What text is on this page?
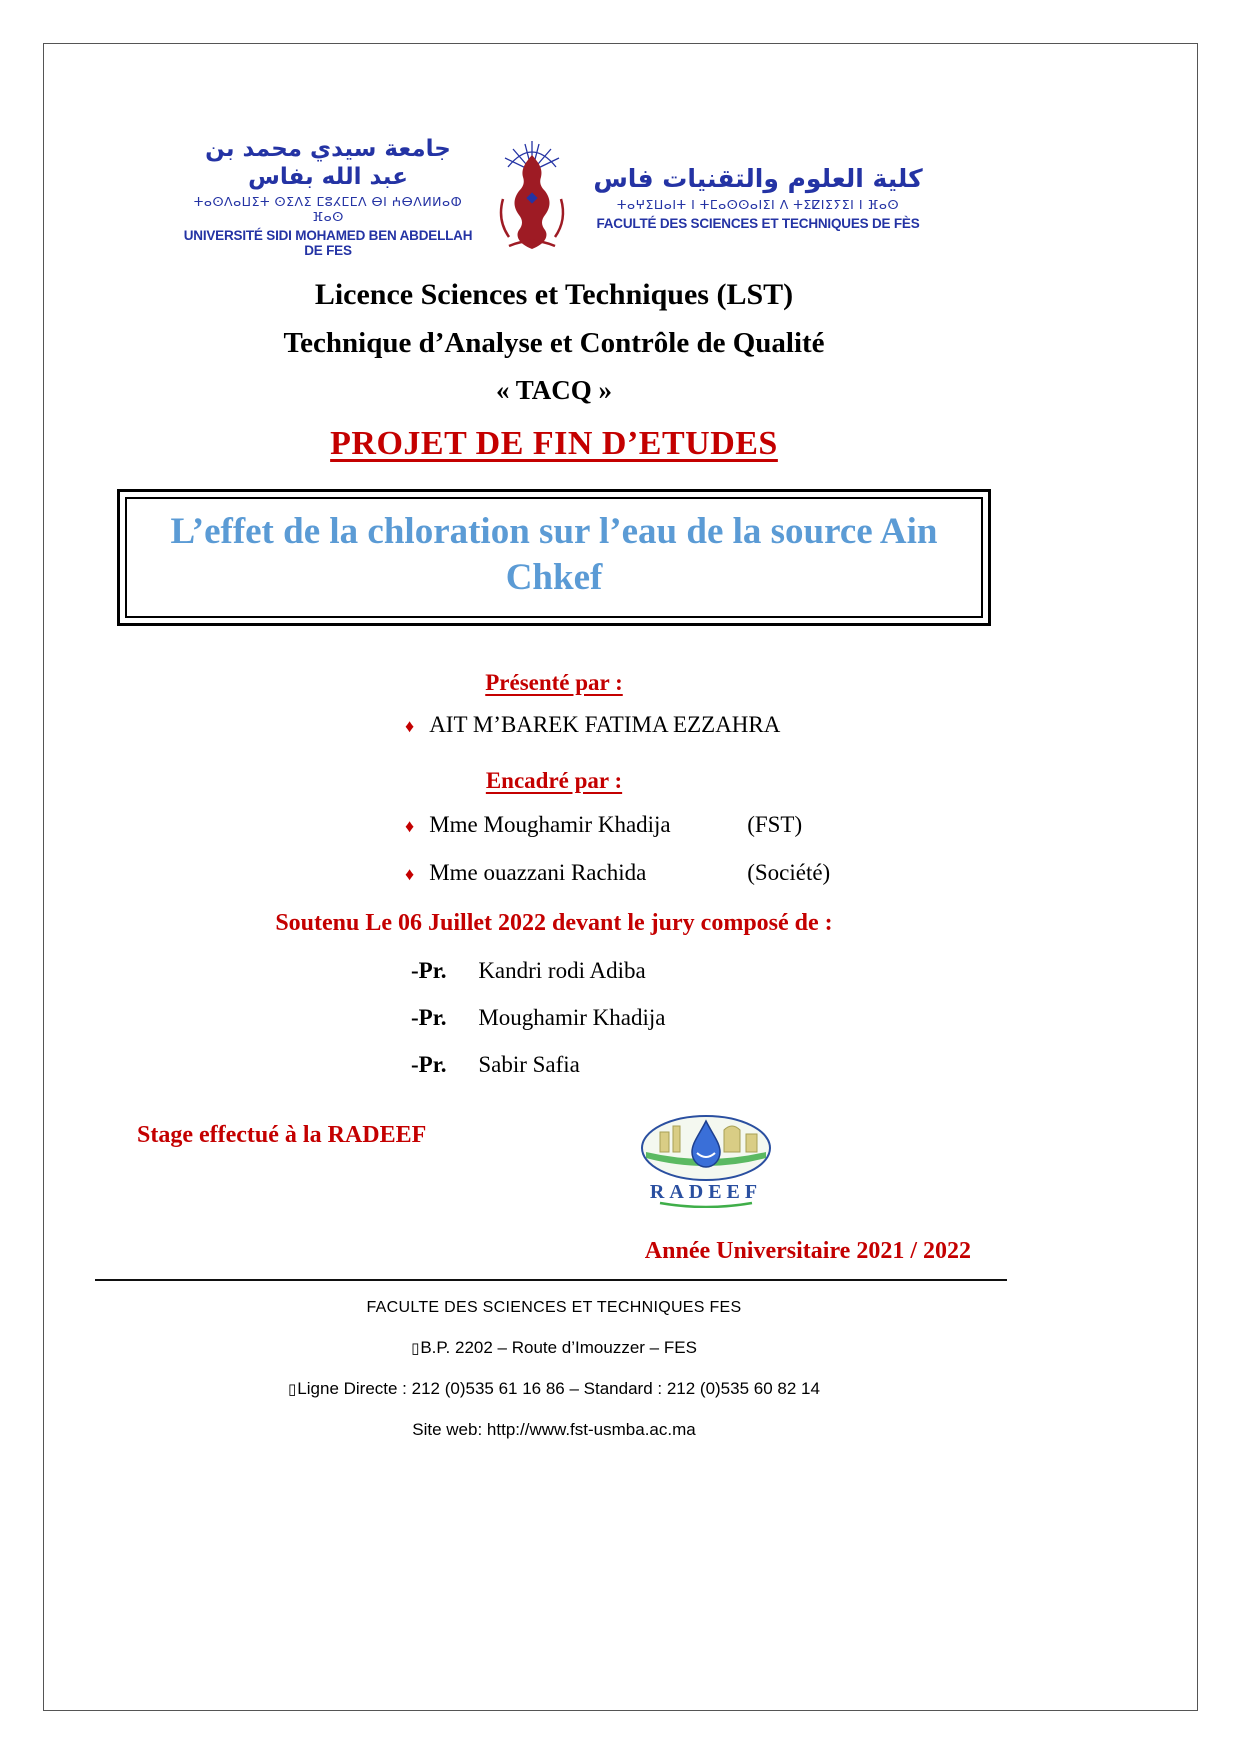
جامعة سيدي محمد بن عبد الله بفاس
ⵜⴰⵙⴷⴰⵡⵉⵜ ⵙⵉⴷⵉ ⵎⵓⵃⵎⵎⴷ ⴱⵏ ⵄⴱⴷⵍⵍⴰⵀ ⴼⴰⵙ
UNIVERSITÉ SIDI MOHAMED BEN ABDELLAH DE FES
كلية العلوم والتقنيات فاس
ⵜⴰⵖⵉⵡⴰⵏⵜ ⵏ ⵜⵎⴰⵙⵙⴰⵏⵉⵏ ⴷ ⵜⵉⵇⵏⵉⵢⵉⵏ ⵏ ⴼⴰⵙ
FACULTÉ DES SCIENCES ET TECHNIQUES DE FÈS
Licence Sciences et Techniques (LST)
Technique d’Analyse et Contrôle de Qualité
« TACQ »
PROJET DE FIN D’ETUDES
L’effet de la chloration sur l’eau de la source Ain Chkef
Présenté par :
♦ AIT M’BAREK FATIMA EZZAHRA
Encadré par :
♦ Mme Moughamir Khadija	(FST)
♦ Mme ouazzani Rachida	(Société)
Soutenu Le 06 Juillet 2022 devant le jury composé de :
-Pr. Kandri rodi Adiba
-Pr. Moughamir Khadija
-Pr. Sabir Safia
Stage effectué à la RADEEF
RADEEF
Année Universitaire 2021 / 2022
FACULTE DES SCIENCES ET TECHNIQUES FES
▯B.P. 2202 – Route d’Imouzzer – FES
▯Ligne Directe : 212 (0)535 61 16 86 – Standard : 212 (0)535 60 82 14
Site web: http://www.fst-usmba.ac.ma
